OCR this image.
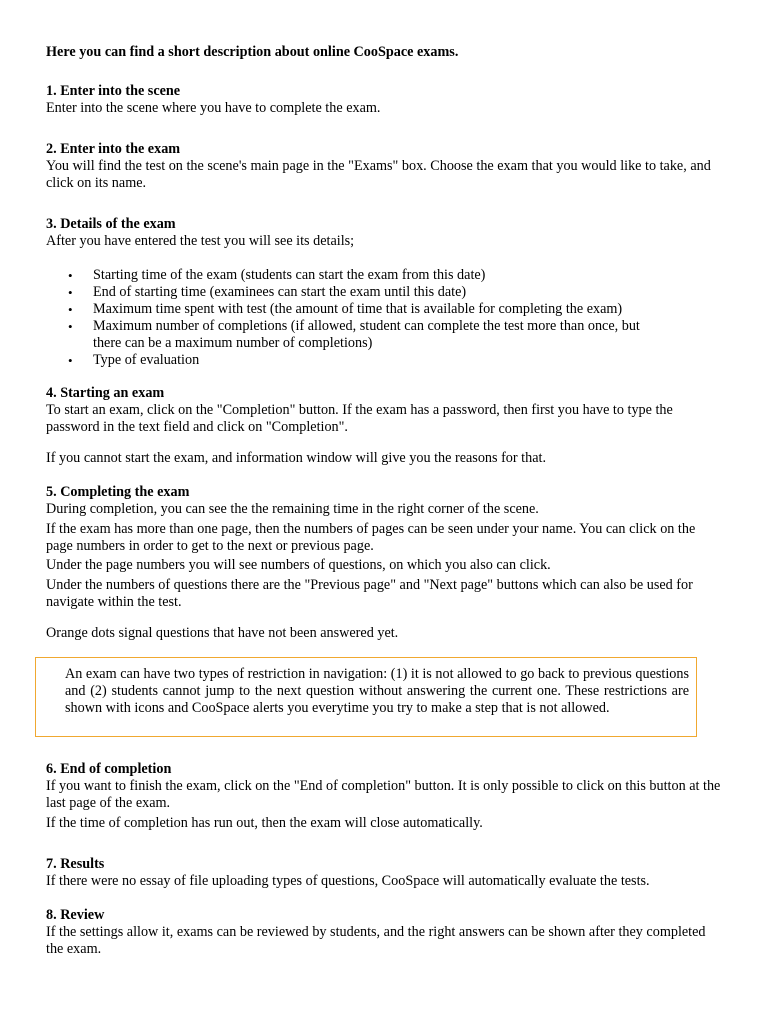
Here you can find a short description about online CooSpace exams.

1. Enter into the scene

Enter into the scene where you have to complete the exam.

2. Enter into the exam

You will find the test on the scene's main page in the "Exams" box. Choose the exam that you would like to take, and click on its name.

3. Details of the exam

After you have entered the test you will see its details;

• Starting time of the exam (students can start the exam from this date)
• End of starting time (examinees can start the exam until this date)
• Maximum time spent with test (the amount of time that is available for completing the exam)
• Maximum number of completions (if allowed, student can complete the test more than once, but there can be a maximum number of completions)
• Type of evaluation

4. Starting an exam

To start an exam, click on the "Completion" button. If the exam has a password, then first you have to type the password in the text field and click on "Completion".

If you cannot start the exam, and information window will give you the reasons for that.

5. Completing the exam

During completion, you can see the the remaining time in the right corner of the scene.

If the exam has more than one page, then the numbers of pages can be seen under your name. You can click on the page numbers in order to get to the next or previous page.

Under the page numbers you will see numbers of questions, on which you also can click.

Under the numbers of questions there are the "Previous page" and "Next page" buttons which can also be used for navigate within the test.

Orange dots signal questions that have not been answered yet.

An exam can have two types of restriction in navigation: (1) it is not allowed to go back to previous questions and (2) students cannot jump to the next question without answering the current one. These restrictions are shown with icons and CooSpace alerts you everytime you try to make a step that is not allowed.

6. End of completion

If you want to finish the exam, click on the "End of completion" button. It is only possible to click on this button at the last page of the exam.

If the time of completion has run out, then the exam will close automatically.

7. Results

If there were no essay of file uploading types of questions, CooSpace will automatically evaluate the tests.

8. Review

If the settings allow it, exams can be reviewed by students, and the right answers can be shown after they completed the exam.
